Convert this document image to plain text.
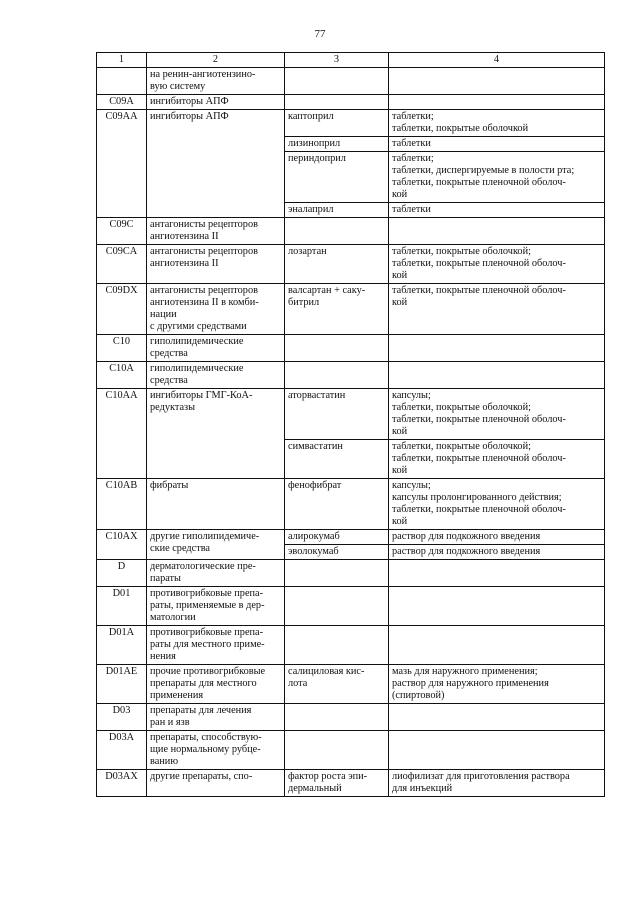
77
1	2	3	4

	на ренин-ангиотензино-
вую систему		

C09A	ингибиторы АПФ		

C09AA	ингибиторы АПФ	каптоприл	таблетки;
таблетки, покрытые оболочкой

		лизиноприл	таблетки

		периндоприл	таблетки;
таблетки, диспергируемые в полости рта;
таблетки, покрытые пленочной оболоч-
кой

		эналаприл	таблетки

C09C	антагонисты рецепторов
ангиотензина II		

C09CA	антагонисты рецепторов
ангиотензина II	лозартан	таблетки, покрытые оболочкой;
таблетки, покрытые пленочной оболоч-
кой

C09DX	антагонисты рецепторов
ангиотензина II в комби-
нации
с другими средствами	валсартан + саку-
битрил	таблетки, покрытые пленочной оболоч-
кой

C10	гиполипидемические
средства		

C10A	гиполипидемические
средства		

C10AA	ингибиторы ГМГ-КоА-
редуктазы	аторвастатин	капсулы;
таблетки, покрытые оболочкой;
таблетки, покрытые пленочной оболоч-
кой

		симвастатин	таблетки, покрытые оболочкой;
таблетки, покрытые пленочной оболоч-
кой

C10AB	фибраты	фенофибрат	капсулы;
капсулы пролонгированного действия;
таблетки, покрытые пленочной оболоч-
кой

C10AX	другие гиполипидемиче-
ские средства	алирокумаб	раствор для подкожного введения

		эволокумаб	раствор для подкожного введения

D	дерматологические пре-
параты		

D01	противогрибковые препа-
раты, применяемые в дер-
матологии		

D01A	противогрибковые препа-
раты для местного приме-
нения		

D01AE	прочие противогрибковые
препараты для местного
применения	салициловая кис-
лота	мазь для наружного применения;
раствор для наружного применения
(спиртовой)

D03	препараты для лечения
ран и язв		

D03A	препараты, способствую-
щие нормальному рубце-
ванию		

D03AX	другие препараты, спо-	фактор роста эпи-
дермальный	лиофилизат для приготовления раствора
для инъекций
